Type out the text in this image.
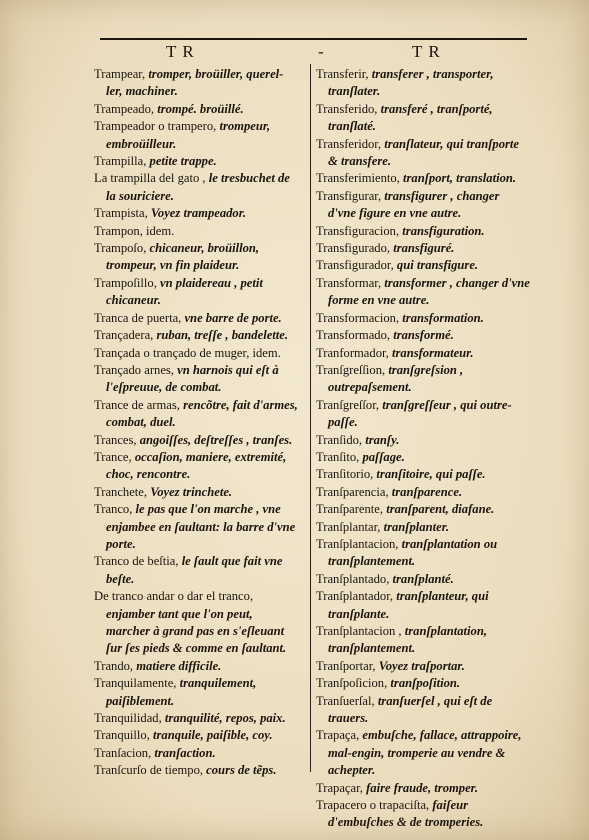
T R	-	T R

Trampear, tromper, broüiller, querel-ler, machiner.

Trampeado, trompé. broüillé.

Trampeador o trampero, trompeur, embroüilleur.

Trampilla, petite trappe.

La trampilla del gato , le tresbuchet de la souriciere.

Trampista, Voyez trampeador.

Trampon, idem.

Trampoſo, chicaneur, broüillon, trompeur, vn fin plaideur.

Trampoſillo, vn plaidereau , petit chicaneur.

Tranca de puerta, vne barre de porte.

Trançadera, ruban, treſſe , bandelette.

Trançada o trançado de muger, idem.

Trançado arnes, vn harnois qui eſt à l'eſpreuue, de combat.

Trance de armas, rencõtre, fait d'armes, combat, duel.

Trances, angoiſſes, deſtreſſes , tranſes.

Trance, occaſion, maniere, extremité, choc, rencontre.

Tranchete, Voyez trinchete.

Tranco, le pas que l'on marche , vne enjambee en ſaultant: la barre d'vne porte.

Tranco de beſtia, le ſault que fait vne beſte.

De tranco andar o dar el tranco, enjamber tant que l'on peut, marcher à grand pas en s'eſleuant ſur ſes pieds & comme en ſaultant.

Trando, matiere difficile.

Tranquilamente, tranquilement, paiſiblement.

Tranquilidad, tranquilité, repos, paix.

Tranquillo, tranquile, paiſible, coy.

Tranſacion, tranſaction.

Tranſcurſo de tiempo, cours de tẽps.

Transferir, transferer , transporter, tranſlater.

Transferido, transferé , tranſporté, tranſlaté.

Transferidor, tranſlateur, qui tranſporte & transfere.

Transferimiento, tranſport, translation.

Transfigurar, transfigurer , changer d'vne figure en vne autre.

Transfiguracion, transfiguration.

Transfigurado, transfiguré.

Transfigurador, qui transfigure.

Transformar, transformer , changer d'vne forme en vne autre.

Transformacion, transformation.

Transformado, transformé.

Tranformador, transformateur.

Tranſgreſſion, tranſgreſsion , outrepaſsement.

Tranſgreſſor, tranſgreſſeur , qui outre-paſſe.

Tranſido, tranſy.

Tranſito, paſſage.

Tranſitorio, tranſitoire, qui paſſe.

Tranſparencia, tranſparence.

Tranſparente, tranſparent, diafane.

Tranſplantar, tranſplanter.

Tranſplantacion, tranſplantation ou tranſplantement.

Tranſplantado, tranſplanté.

Tranſplantador, tranſplanteur, qui tranſplante.

Tranſplantacion , tranſplantation, tranſplantement.

Tranſportar, Voyez traſportar.

Tranſpoſicion, tranſpoſition.

Tranſuerſal, tranſuerſel , qui eſt de trauers.

Trapaça, embuſche, fallace, attrappoire, mal-engin, tromperie au vendre & achepter.

Trapaçar, faire fraude, tromper.

Trapacero o trapaciſta, faiſeur d'embuſches & de tromperies.
